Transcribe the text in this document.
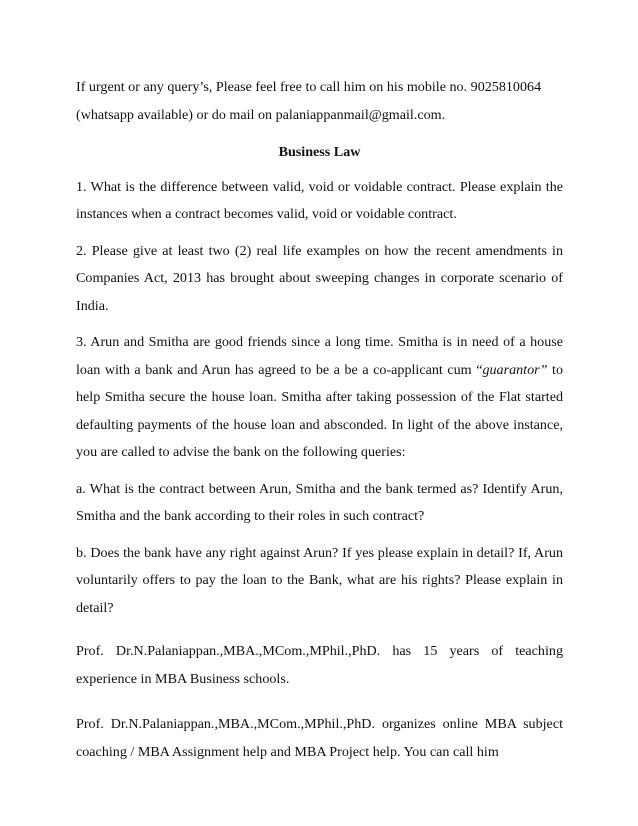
If urgent or any query’s, Please feel free to call him on his mobile no. 9025810064
(whatsapp available) or do mail on palaniappanmail@gmail.com.

Business Law

1. What is the difference between valid, void or voidable contract. Please explain the instances when a contract becomes valid, void or voidable contract.

2. Please give at least two (2) real life examples on how the recent amendments in Companies Act, 2013 has brought about sweeping changes in corporate scenario of India.

3. Arun and Smitha are good friends since a long time. Smitha is in need of a house loan with a bank and Arun has agreed to be a be a co-applicant cum “guarantor” to help Smitha secure the house loan. Smitha after taking possession of the Flat started defaulting payments of the house loan and absconded. In light of the above instance, you are called to advise the bank on the following queries:

a. What is the contract between Arun, Smitha and the bank termed as? Identify Arun, Smitha and the bank according to their roles in such contract?

b. Does the bank have any right against Arun? If yes please explain in detail? If, Arun voluntarily offers to pay the loan to the Bank, what are his rights? Please explain in detail?

Prof. Dr.N.Palaniappan.,MBA.,MCom.,MPhil.,PhD. has 15 years of teaching experience in MBA Business schools.

Prof. Dr.N.Palaniappan.,MBA.,MCom.,MPhil.,PhD. organizes online MBA subject coaching / MBA Assignment help and MBA Project help. You can call him
